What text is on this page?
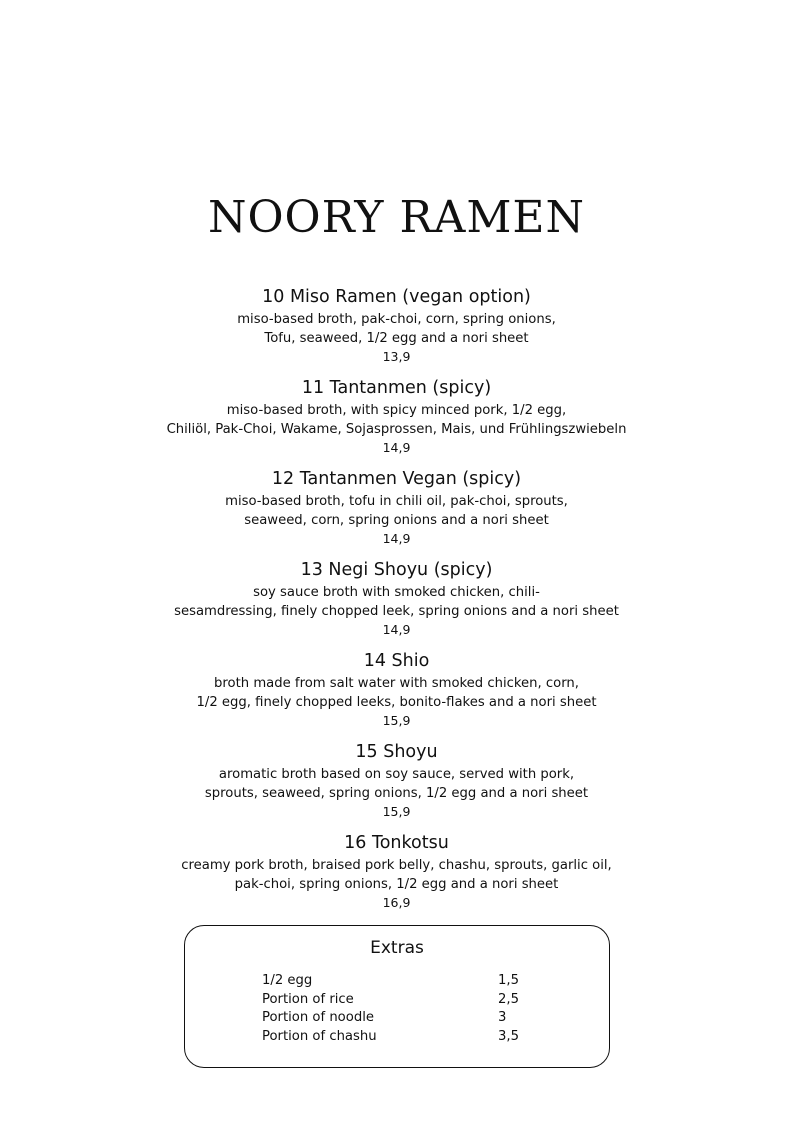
NOORY RAMEN
10 Miso Ramen (vegan option)
miso-based broth, pak-choi, corn, spring onions,
Tofu, seaweed, 1/2 egg and a nori sheet
13,9
11 Tantanmen (spicy)
miso-based broth, with spicy minced pork, 1/2 egg,
Chiliöl, Pak-Choi, Wakame, Sojasprossen, Mais, und Frühlingszwiebeln
14,9
12 Tantanmen Vegan (spicy)
miso-based broth, tofu in chili oil, pak-choi, sprouts,
seaweed, corn, spring onions and a nori sheet
14,9
13 Negi Shoyu (spicy)
soy sauce broth with smoked chicken, chili-
sesamdressing, finely chopped leek, spring onions and a nori sheet
14,9
14 Shio
broth made from salt water with smoked chicken, corn,
1/2 egg, finely chopped leeks, bonito-flakes and a nori sheet
15,9
15 Shoyu
aromatic broth based on soy sauce, served with pork,
sprouts, seaweed, spring onions, 1/2 egg and a nori sheet
15,9
16 Tonkotsu
creamy pork broth, braised pork belly, chashu, sprouts, garlic oil,
pak-choi, spring onions, 1/2 egg and a nori sheet
16,9
Extras
1/2 egg	1,5
Portion of rice	2,5
Portion of noodle	3
Portion of chashu	3,5
